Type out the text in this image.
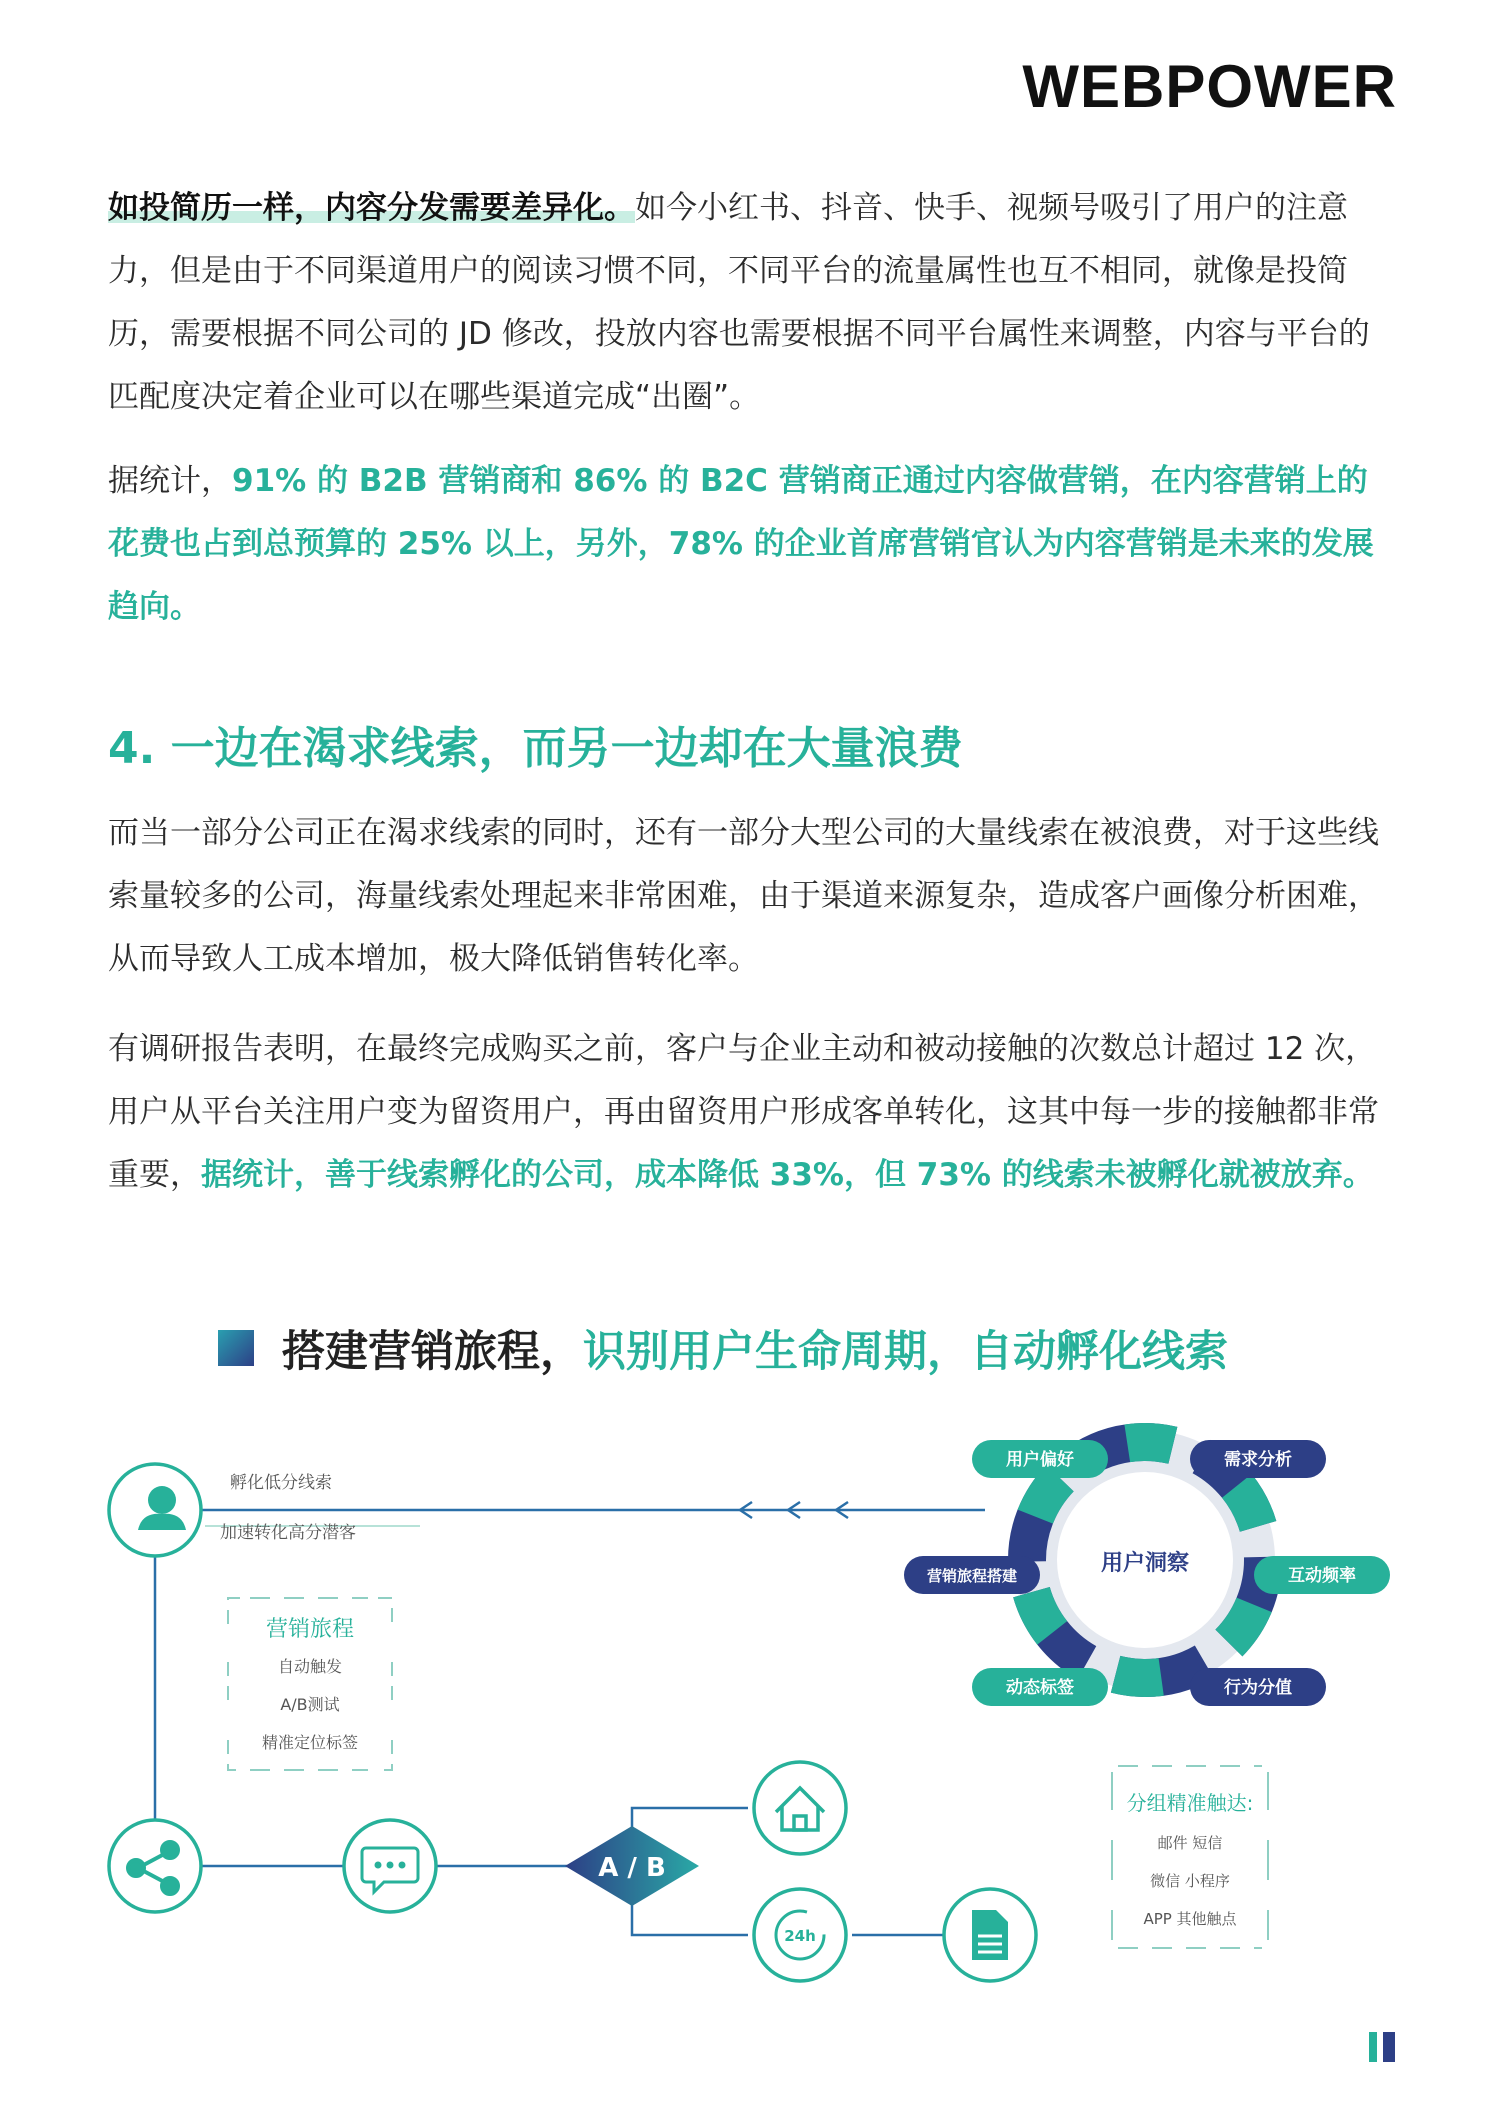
WEBPOWER

如投简历一样，内容分发需要差异化。如今小红书、抖音、快手、视频号吸引了用户的注意力，但是由于不同渠道用户的阅读习惯不同，不同平台的流量属性也互不相同，就像是投简历，需要根据不同公司的 JD 修改，投放内容也需要根据不同平台属性来调整，内容与平台的匹配度决定着企业可以在哪些渠道完成“出圈”。

据统计，91% 的 B2B 营销商和 86% 的 B2C 营销商正通过内容做营销，在内容营销上的花费也占到总预算的 25% 以上，另外，78% 的企业首席营销官认为内容营销是未来的发展趋向。

4. 一边在渴求线索，而另一边却在大量浪费

而当一部分公司正在渴求线索的同时，还有一部分大型公司的大量线索在被浪费，对于这些线索量较多的公司，海量线索处理起来非常困难，由于渠道来源复杂，造成客户画像分析困难，从而导致人工成本增加，极大降低销售转化率。

有调研报告表明，在最终完成购买之前，客户与企业主动和被动接触的次数总计超过 12 次，用户从平台关注用户变为留资用户，再由留资用户形成客单转化，这其中每一步的接触都非常重要，据统计，善于线索孵化的公司，成本降低 33%，但 73% 的线索未被孵化就被放弃。

搭建营销旅程， 识别用户生命周期，自动孵化线索
孵化低分线索
加速转化高分潜客
营销旅程
自动触发
A/B测试
精准定位标签
用户洞察
用户偏好	需求分析
营销旅程搭建	互动频率
动态标签	行为分值
A / B
24h
分组精准触达:
邮件 短信
微信 小程序
APP 其他触点
